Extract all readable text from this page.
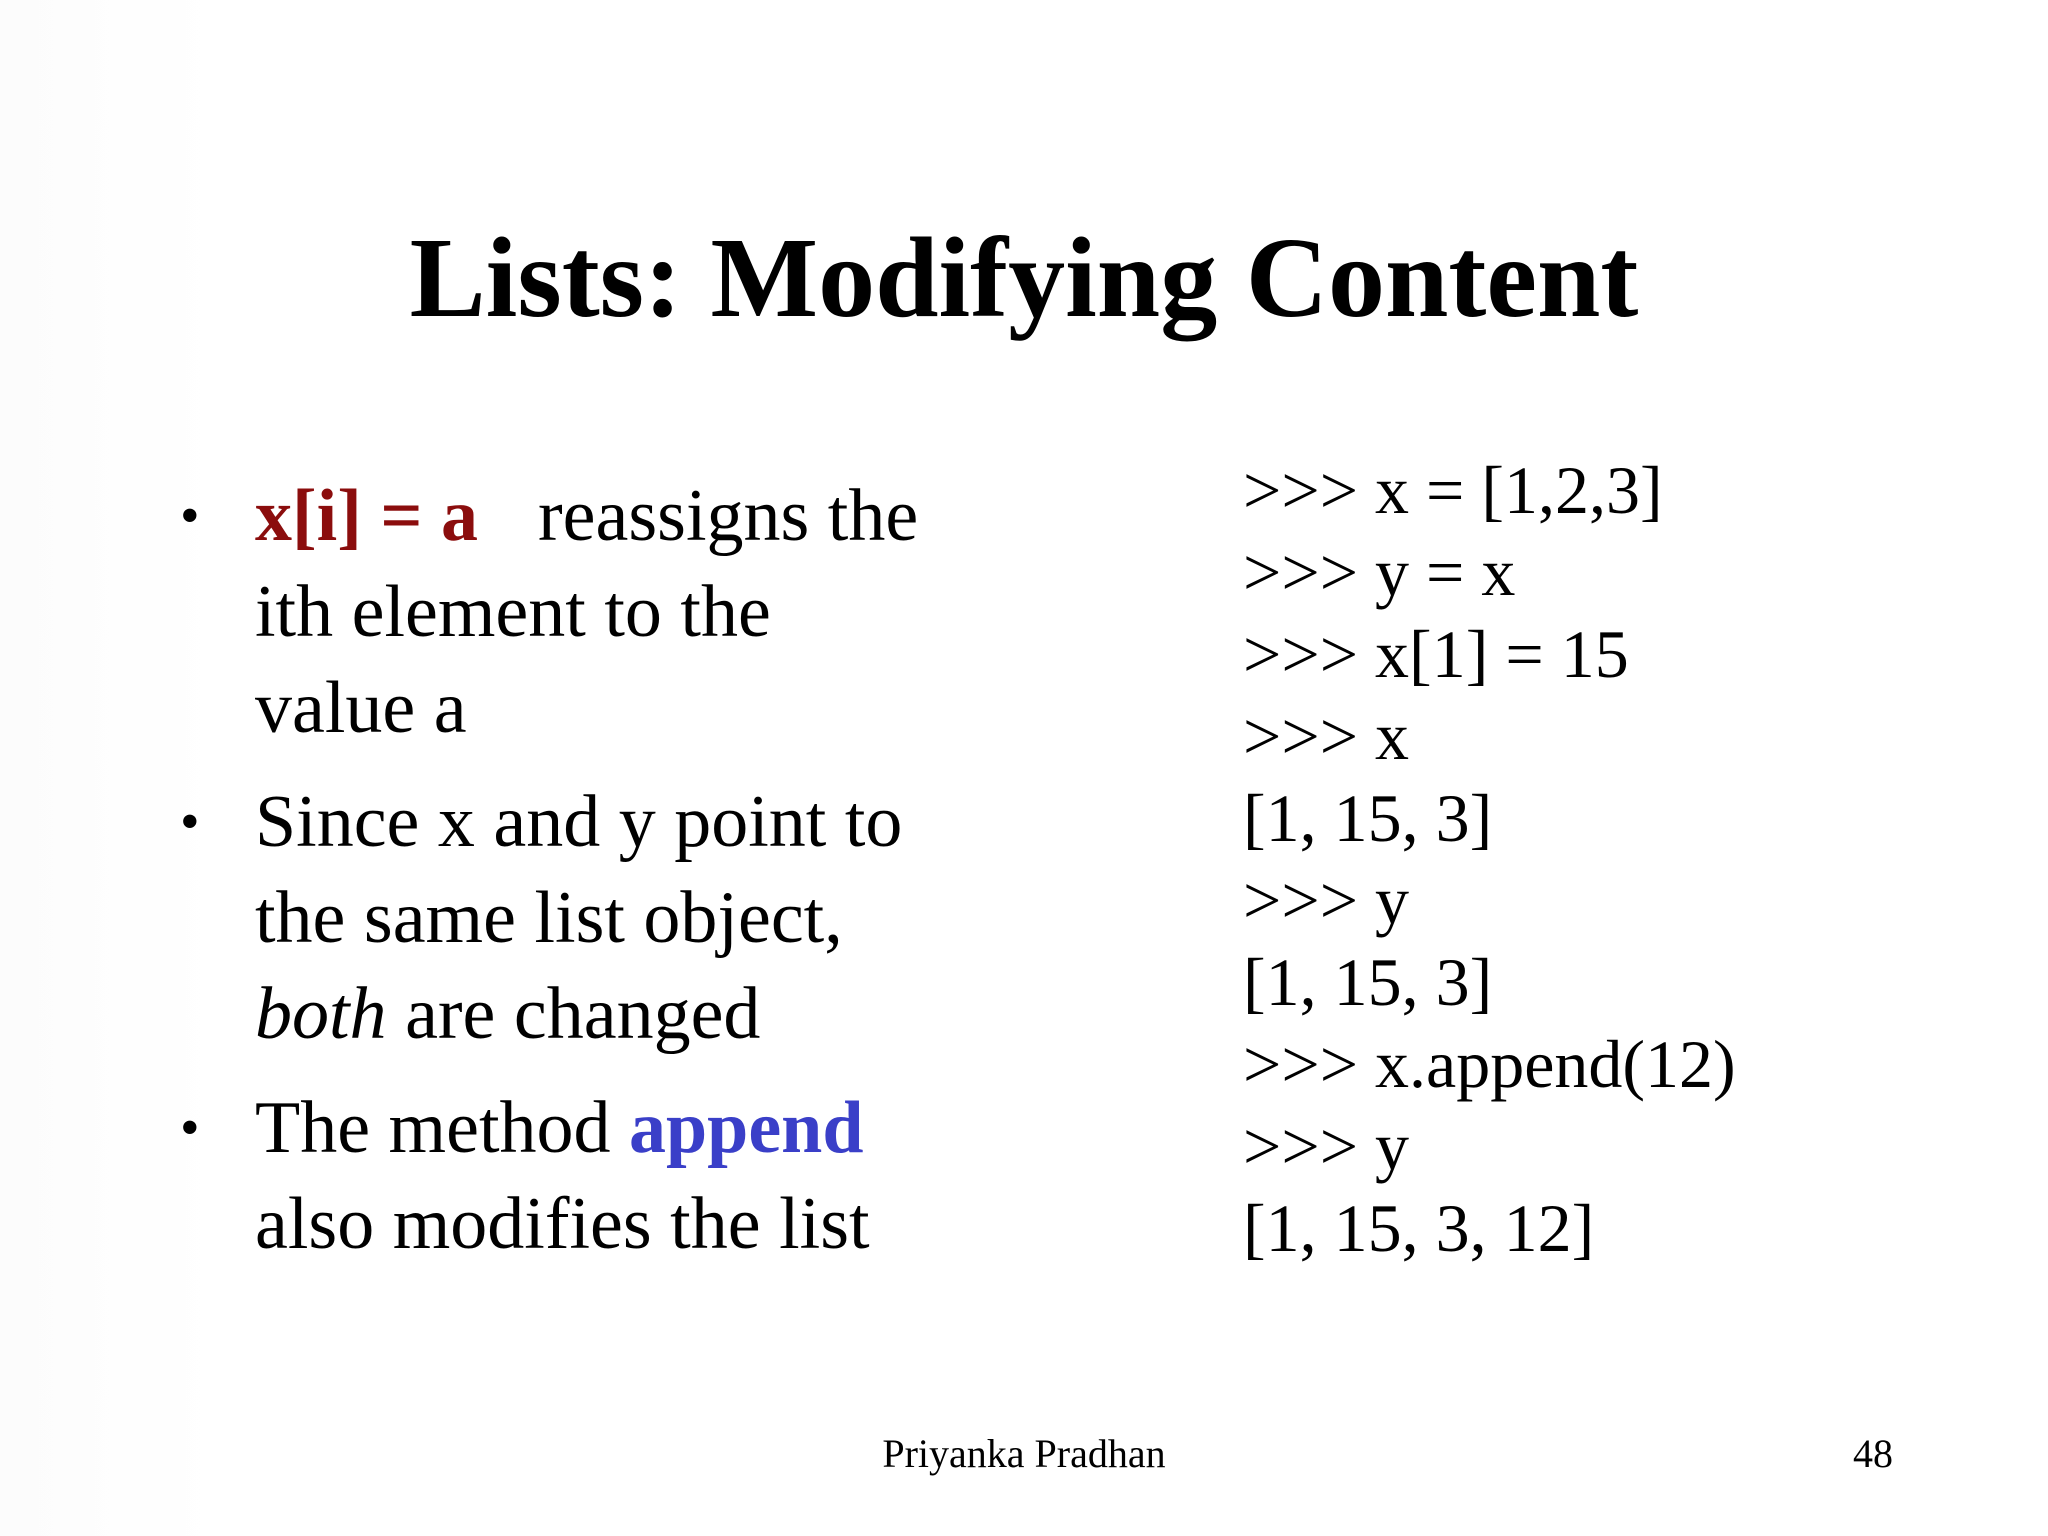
Lists: Modifying Content
• x[i] = a reassigns the
ith element to the
value a
• Since x and y point to
the same list object,
both are changed
• The method append
also modifies the list
>>> x = [1,2,3]
>>> y = x
>>> x[1] = 15
>>> x
[1, 15, 3]
>>> y
[1, 15, 3]
>>> x.append(12)
>>> y
[1, 15, 3, 12]

Priyanka Pradhan	48
